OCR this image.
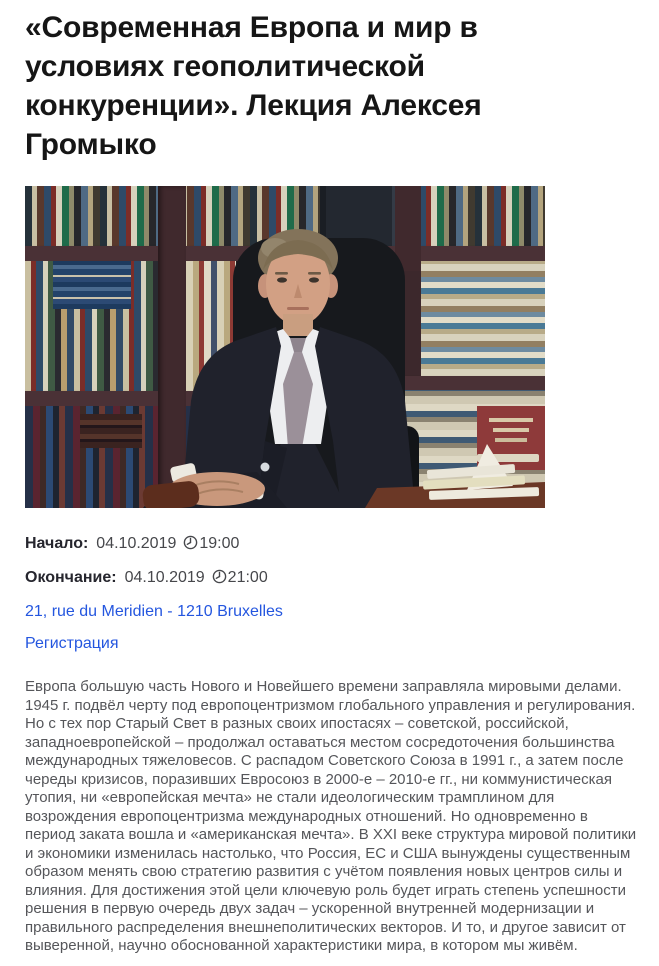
«Современная Европа и мир в условиях геополитической конкуренции». Лекция Алексея Громыко
Начало: 04.10.2019 19:00
Окончание: 04.10.2019 21:00
21, rue du Meridien - 1210 Bruxelles
Регистрация

Европа большую часть Нового и Новейшего времени заправляла мировыми делами. 1945 г. подвёл черту под европоцентризмом глобального управления и регулирования. Но с тех пор Старый Свет в разных своих ипостасях – советской, российской, западноевропейской – продолжал оставаться местом сосредоточения большинства международных тяжеловесов. С распадом Советского Союза в 1991 г., а затем после череды кризисов, поразивших Евросоюз в 2000-е – 2010-е гг., ни коммунистическая утопия, ни «европейская мечта» не стали идеологическим трамплином для возрождения европоцентризма международных отношений. Но одновременно в период заката вошла и «американская мечта». В XXI веке структура мировой политики и экономики изменилась настолько, что Россия, ЕС и США вынуждены существенным образом менять свою стратегию развития с учётом появления новых центров силы и влияния. Для достижения этой цели ключевую роль будет играть степень успешности решения в первую очередь двух задач – ускоренной внутренней модернизации и правильного распределения внешнеполитических векторов. И то, и другое зависит от выверенной, научно обоснованной характеристики мира, в котором мы живём.
